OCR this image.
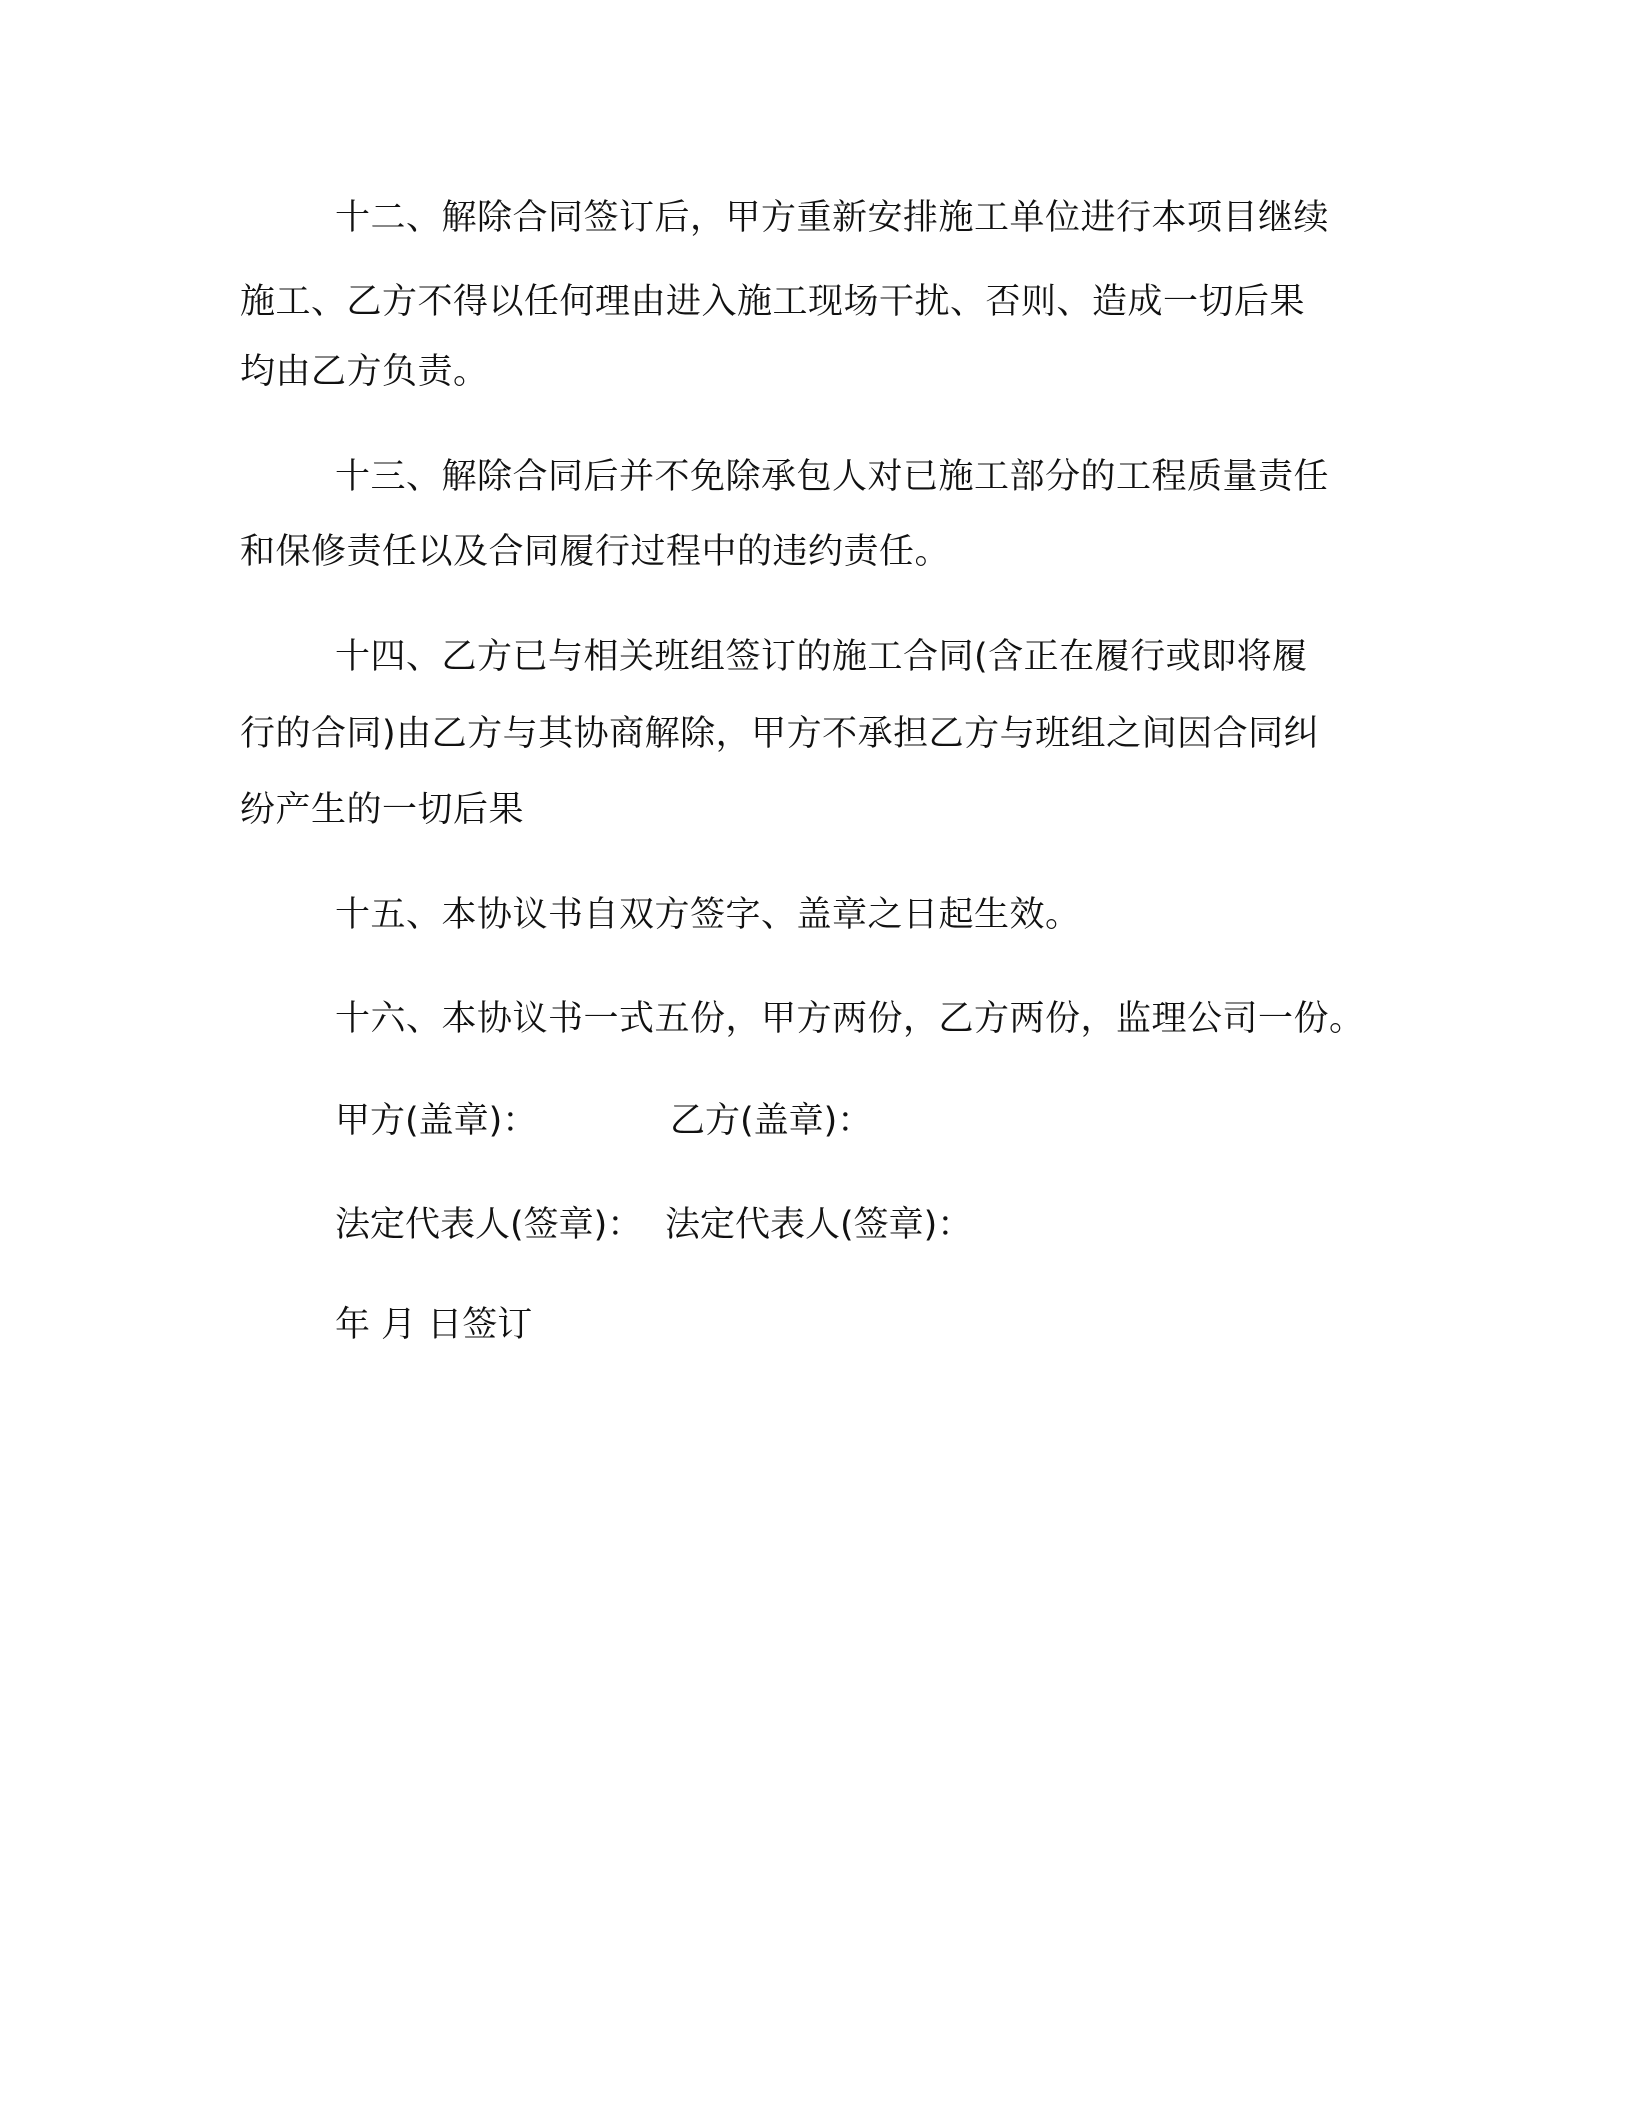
十二、解除合同签订后，甲方重新安排施工单位进行本项目继续
施工、乙方不得以任何理由进入施工现场干扰、否则、造成一切后果
均由乙方负责。
十三、解除合同后并不免除承包人对已施工部分的工程质量责任
和保修责任以及合同履行过程中的违约责任。
十四、乙方已与相关班组签订的施工合同(含正在履行或即将履
行的合同)由乙方与其协商解除，甲方不承担乙方与班组之间因合同纠
纷产生的一切后果
十五、本协议书自双方签字、盖章之日起生效。
十六、本协议书一式五份，甲方两份，乙方两份，监理公司一份。
甲方(盖章)：	乙方(盖章)：
法定代表人(签章)： 法定代表人(签章)：
年 月 日签订
